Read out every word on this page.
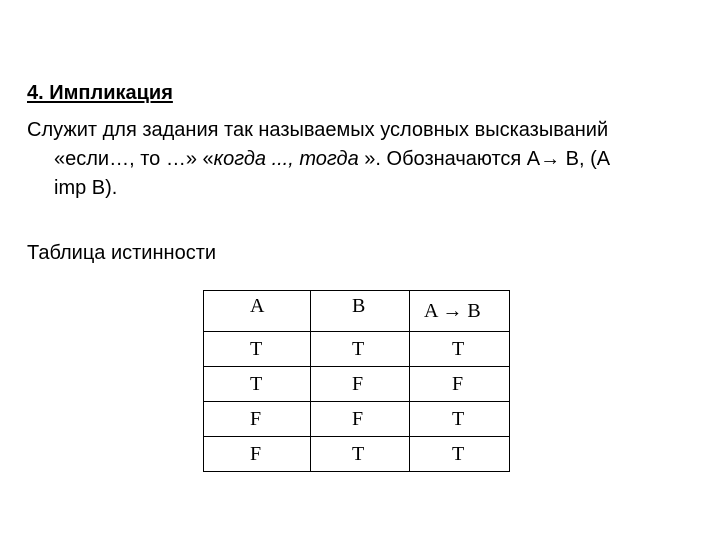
4. Импликация
Служит для задания так называемых условных высказываний
«если…, то …» «когда ..., тогда ». Обозначаются A→ B, (A
imp B).
Таблица истинности
A	B	A → B
T	T	T
T	F	F
F	F	T
F	T	T
